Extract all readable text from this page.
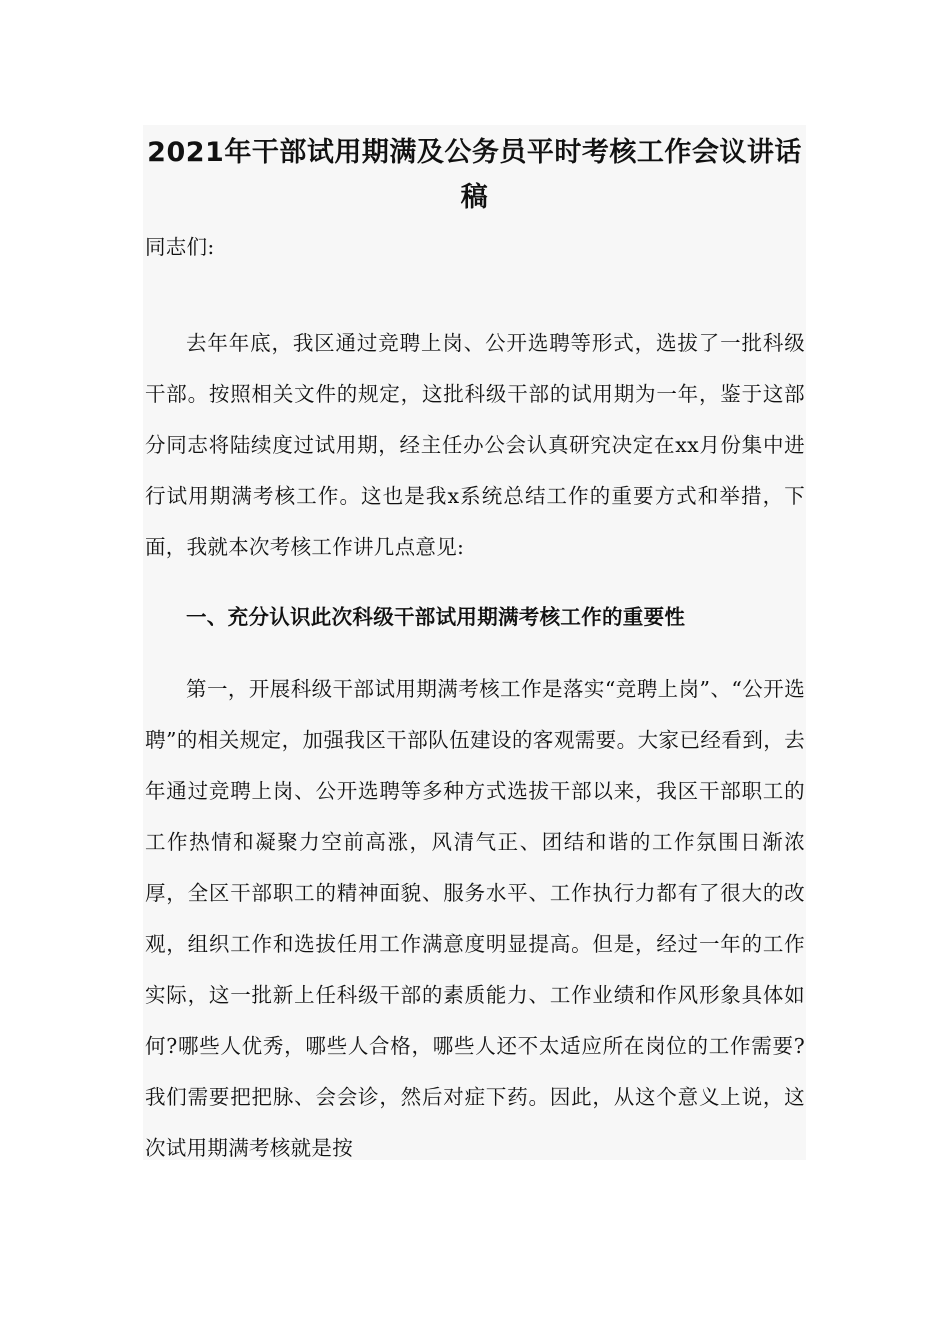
2021年干部试用期满及公务员平时考核工作会议讲话稿

同志们:

去年年底，我区通过竞聘上岗、公开选聘等形式，选拔了一批科级干部。按照相关文件的规定，这批科级干部的试用期为一年，鉴于这部分同志将陆续度过试用期，经主任办公会认真研究决定在xx月份集中进行试用期满考核工作。这也是我x系统总结工作的重要方式和举措，下面，我就本次考核工作讲几点意见:

一、充分认识此次科级干部试用期满考核工作的重要性

第一，开展科级干部试用期满考核工作是落实“竞聘上岗”、“公开选聘”的相关规定，加强我区干部队伍建设的客观需要。大家已经看到，去年通过竞聘上岗、公开选聘等多种方式选拔干部以来，我区干部职工的工作热情和凝聚力空前高涨，风清气正、团结和谐的工作氛围日渐浓厚，全区干部职工的精神面貌、服务水平、工作执行力都有了很大的改观，组织工作和选拔任用工作满意度明显提高。但是，经过一年的工作实际，这一批新上任科级干部的素质能力、工作业绩和作风形象具体如何?哪些人优秀，哪些人合格，哪些人还不太适应所在岗位的工作需要?我们需要把把脉、会会诊，然后对症下药。因此，从这个意义上说，这次试用期满考核就是按
